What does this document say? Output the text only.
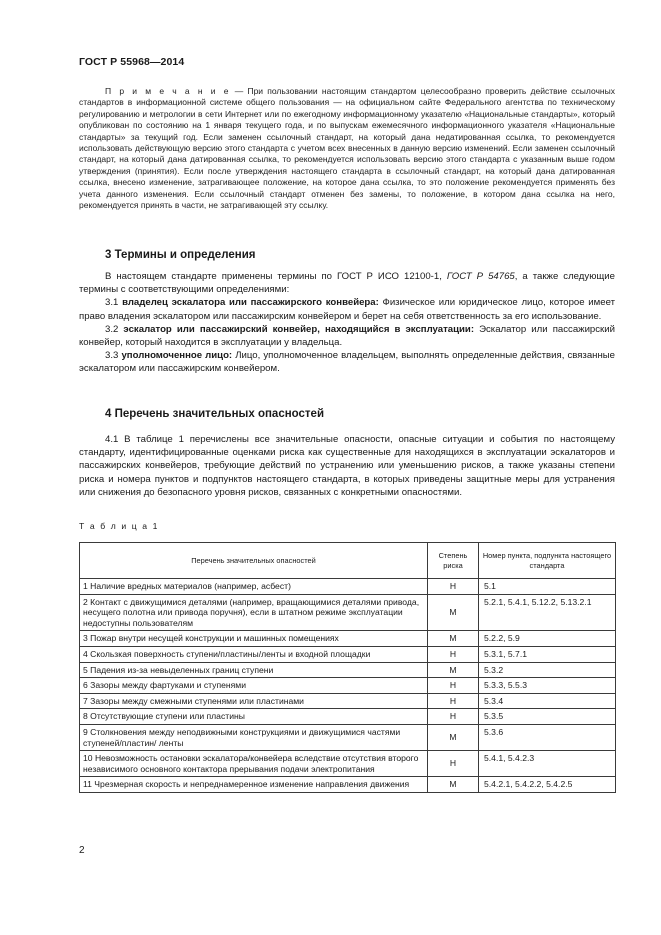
ГОСТ Р 55968—2014
П р и м е ч а н и е — При пользовании настоящим стандартом целесообразно проверить действие ссылочных стандартов в информационной системе общего пользования — на официальном сайте Федерального агентства по техническому регулированию и метрологии в сети Интернет или по ежегодному информационному указателю «Национальные стандарты», который опубликован по состоянию на 1 января текущего года, и по выпускам ежемесячного информационного указателя «Национальные стандарты» за текущий год. Если заменен ссылочный стандарт, на который дана недатированная ссылка, то рекомендуется использовать действующую версию этого стандарта с учетом всех внесенных в данную версию изменений. Если заменен ссылочный стандарт, на который дана датированная ссылка, то рекомендуется использовать версию этого стандарта с указанным выше годом утверждения (принятия). Если после утверждения настоящего стандарта в ссылочный стандарт, на который дана датированная ссылка, внесено изменение, затрагивающее положение, на которое дана ссылка, то это положение рекомендуется применять без учета данного изменения. Если ссылочный стандарт отменен без замены, то положение, в котором дана ссылка на него, рекомендуется принять в части, не затрагивающей эту ссылку.
3 Термины и определения
В настоящем стандарте применены термины по ГОСТ Р ИСО 12100-1, ГОСТ Р 54765, а также следующие термины с соответствующими определениями:
3.1 владелец эскалатора или пассажирского конвейера: Физическое или юридическое лицо, которое имеет право владения эскалатором или пассажирским конвейером и берет на себя ответственность за его использование.
3.2 эскалатор или пассажирский конвейер, находящийся в эксплуатации: Эскалатор или пассажирский конвейер, который находится в эксплуатации у владельца.
3.3 уполномоченное лицо: Лицо, уполномоченное владельцем, выполнять определенные действия, связанные эскалатором или пассажирским конвейером.
4 Перечень значительных опасностей
4.1 В таблице 1 перечислены все значительные опасности, опасные ситуации и события по настоящему стандарту, идентифицированные оценками риска как существенные для находящихся в эксплуатации эскалаторов и пассажирских конвейеров, требующие действий по устранению или уменьшению рисков, а также указаны степени риска и номера пунктов и подпунктов настоящего стандарта, в которых приведены защитные меры для устранения или снижения до безопасного уровня рисков, связанных с конкретными опасностями.
Т а б л и ц а 1
Перечень значительных опасностей	Степень риска	Номер пункта, подпункта настоящего стандарта
1 Наличие вредных материалов (например, асбест)	Н	5.1
2 Контакт с движущимися деталями (например, вращающимися деталями привода, несущего полотна или привода поручня), если в штатном режиме эксплуатации недоступны пользователям	М	5.2.1, 5.4.1, 5.12.2, 5.13.2.1
3 Пожар внутри несущей конструкции и машинных помещениях	М	5.2.2, 5.9
4 Скользкая поверхность ступени/пластины/ленты и входной площадки	Н	5.3.1, 5.7.1
5 Падения из-за невыделенных границ ступени	М	5.3.2
6 Зазоры между фартуками и ступенями	Н	5.3.3, 5.5.3
7 Зазоры между смежными ступенями или пластинами	Н	5.3.4
8 Отсутствующие ступени или пластины	Н	5.3.5
9 Столкновения между неподвижными конструкциями и движущимися частями ступеней/пластин/ ленты	М	5.3.6
10 Невозможность остановки эскалатора/конвейера вследствие отсутствия второго независимого основного контактора прерывания подачи электропитания	Н	5.4.1, 5.4.2.3
11 Чрезмерная скорость и непреднамеренное изменение направления движения	М	5.4.2.1, 5.4.2.2, 5.4.2.5
2
